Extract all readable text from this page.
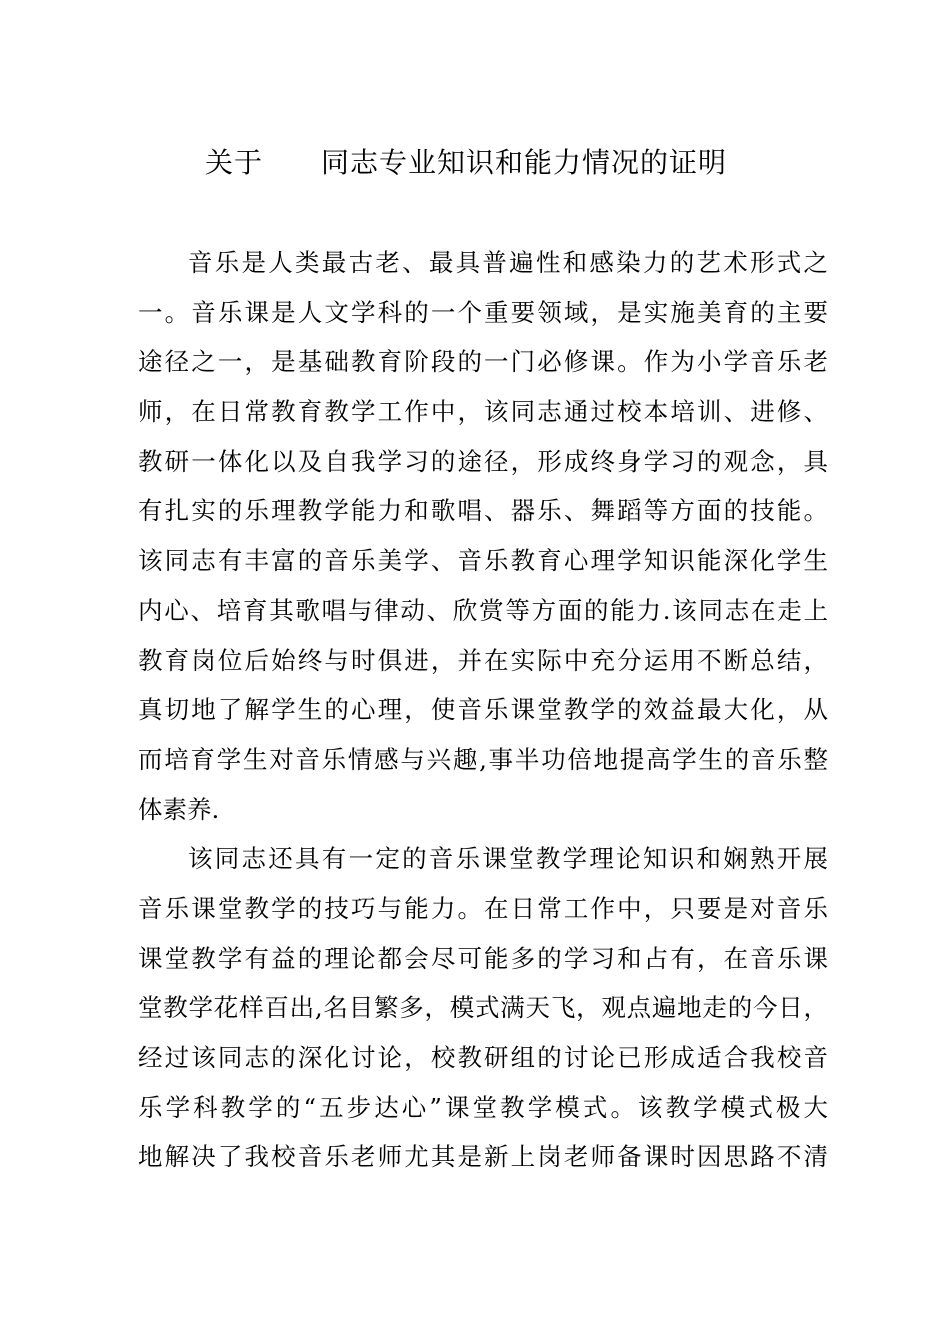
关于 同志专业知识和能力情况的证明
音乐是人类最古老、最具普遍性和感染力的艺术形式之
一。音乐课是人文学科的一个重要领域，是实施美育的主要
途径之一，是基础教育阶段的一门必修课。作为小学音乐老
师，在日常教育教学工作中，该同志通过校本培训、进修、
教研一体化以及自我学习的途径，形成终身学习的观念，具
有扎实的乐理教学能力和歌唱、器乐、舞蹈等方面的技能。
该同志有丰富的音乐美学、音乐教育心理学知识能深化学生
内心、培育其歌唱与律动、欣赏等方面的能力.该同志在走上
教育岗位后始终与时俱进，并在实际中充分运用不断总结，
真切地了解学生的心理，使音乐课堂教学的效益最大化，从
而培育学生对音乐情感与兴趣,事半功倍地提高学生的音乐整
体素养.
该同志还具有一定的音乐课堂教学理论知识和娴熟开展
音乐课堂教学的技巧与能力。在日常工作中，只要是对音乐
课堂教学有益的理论都会尽可能多的学习和占有，在音乐课
堂教学花样百出,名目繁多，模式满天飞，观点遍地走的今日，
经过该同志的深化讨论，校教研组的讨论已形成适合我校音
乐学科教学的“五步达心”课堂教学模式。该教学模式极大
地解决了我校音乐老师尤其是新上岗老师备课时因思路不清
